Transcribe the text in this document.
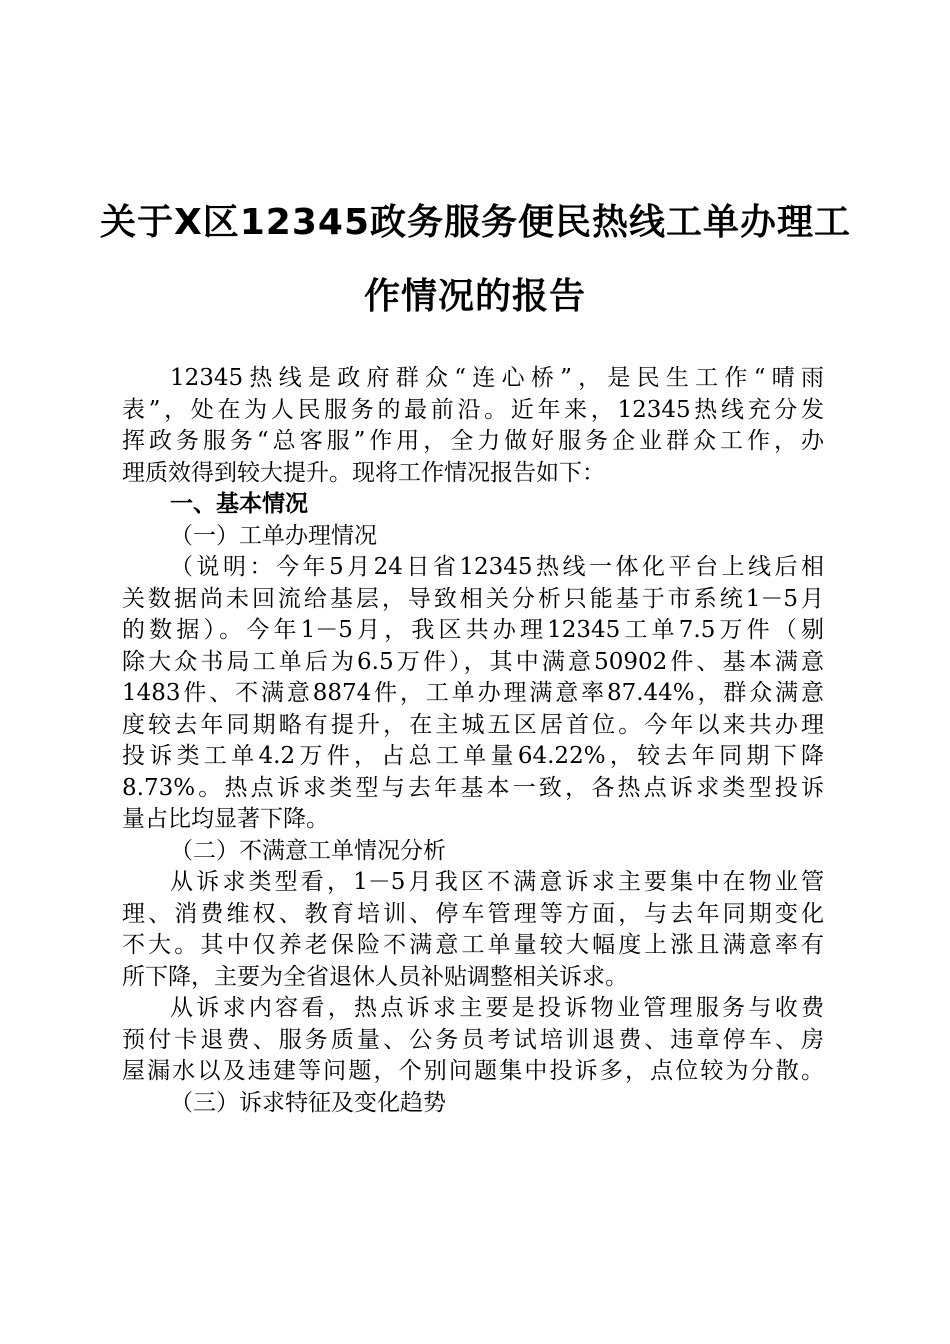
关于X区12345政务服务便民热线工单办理工
作情况的报告
12345热线是政府群众“连心桥”，是民生工作“晴雨
表”，处在为人民服务的最前沿。近年来，12345热线充分发
挥政务服务“总客服”作用，全力做好服务企业群众工作，办
理质效得到较大提升。现将工作情况报告如下：
一、基本情况
（一）工单办理情况
（说明：今年5月24日省12345热线一体化平台上线后相
关数据尚未回流给基层，导致相关分析只能基于市系统1－5月
的数据）。今年1－5月，我区共办理12345工单7.5万件（剔
除大众书局工单后为6.5万件），其中满意50902件、基本满意
1483件、不满意8874件，工单办理满意率87.44%，群众满意
度较去年同期略有提升，在主城五区居首位。今年以来共办理
投诉类工单4.2万件，占总工单量64.22%，较去年同期下降
8.73%。热点诉求类型与去年基本一致，各热点诉求类型投诉
量占比均显著下降。
（二）不满意工单情况分析
从诉求类型看，1－5月我区不满意诉求主要集中在物业管
理、消费维权、教育培训、停车管理等方面，与去年同期变化
不大。其中仅养老保险不满意工单量较大幅度上涨且满意率有
所下降，主要为全省退休人员补贴调整相关诉求。
从诉求内容看，热点诉求主要是投诉物业管理服务与收费
预付卡退费、服务质量、公务员考试培训退费、违章停车、房
屋漏水以及违建等问题，个别问题集中投诉多，点位较为分散。
（三）诉求特征及变化趋势
